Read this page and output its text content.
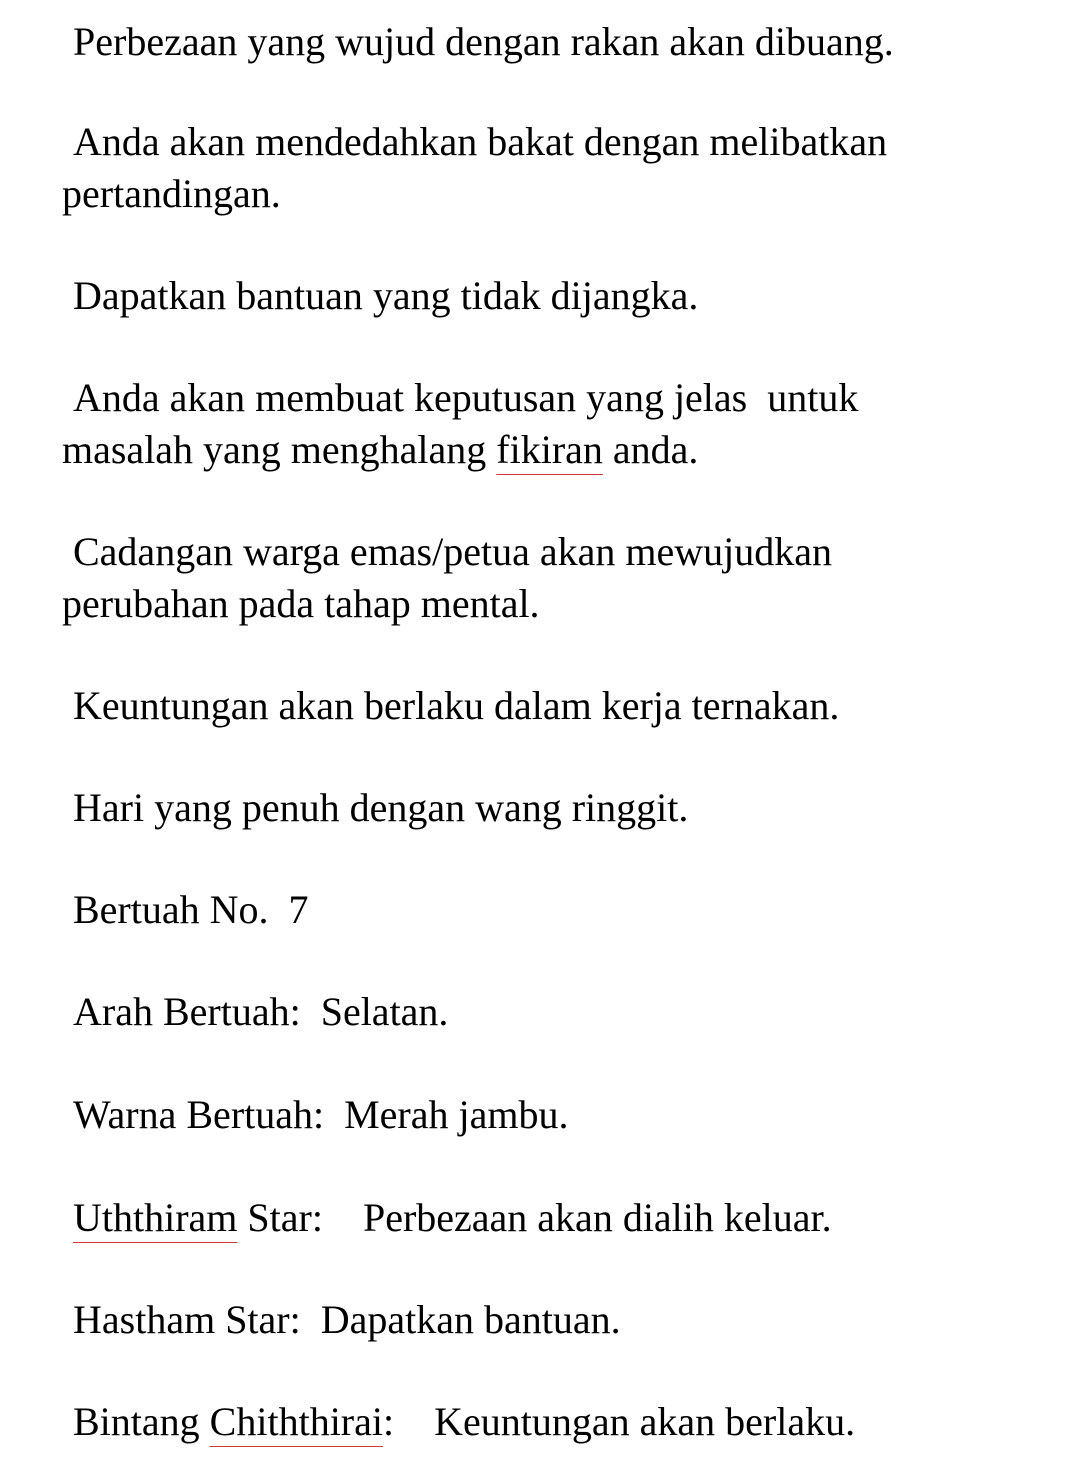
Perbezaan yang wujud dengan rakan akan dibuang.

Anda akan mendedahkan bakat dengan melibatkan
pertandingan.

Dapatkan bantuan yang tidak dijangka.

Anda akan membuat keputusan yang jelas  untuk
masalah yang menghalang fikiran anda.

Cadangan warga emas/petua akan mewujudkan
perubahan pada tahap mental.

Keuntungan akan berlaku dalam kerja ternakan.

Hari yang penuh dengan wang ringgit.

Bertuah No.  7

Arah Bertuah:  Selatan.

Warna Bertuah:  Merah jambu.

Uththiram Star:    Perbezaan akan dialih keluar.

Hastham Star:  Dapatkan bantuan.

Bintang Chiththirai:    Keuntungan akan berlaku.
